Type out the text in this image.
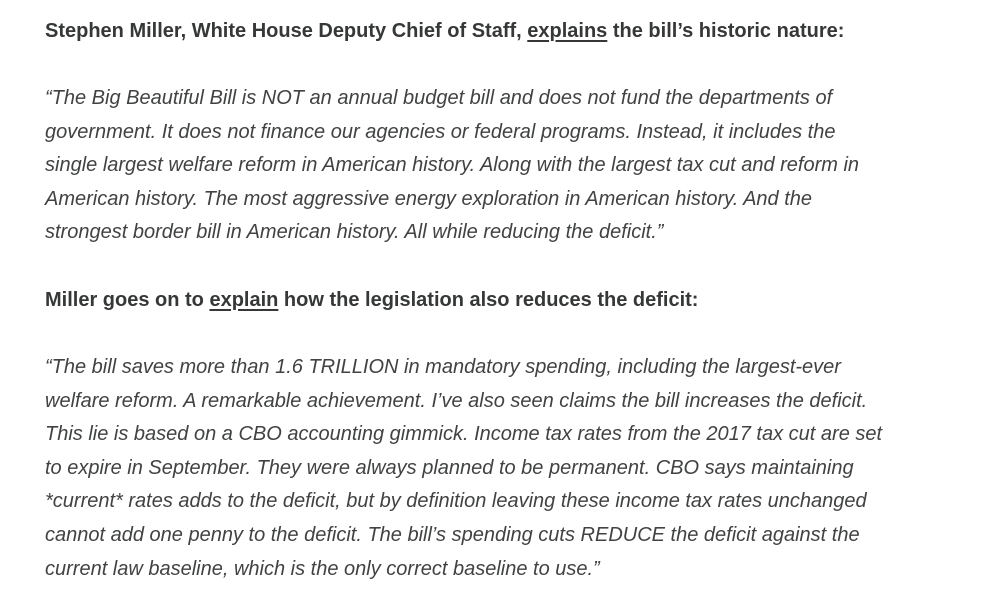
Stephen Miller, White House Deputy Chief of Staff, explains the bill’s historic nature:

“The Big Beautiful Bill is NOT an annual budget bill and does not fund the departments of
government. It does not finance our agencies or federal programs. Instead, it includes the
single largest welfare reform in American history. Along with the largest tax cut and reform in
American history. The most aggressive energy exploration in American history. And the
strongest border bill in American history. All while reducing the deficit.”

Miller goes on to explain how the legislation also reduces the deficit:

“The bill saves more than 1.6 TRILLION in mandatory spending, including the largest-ever
welfare reform. A remarkable achievement. I’ve also seen claims the bill increases the deficit.
This lie is based on a CBO accounting gimmick. Income tax rates from the 2017 tax cut are set
to expire in September. They were always planned to be permanent. CBO says maintaining
*current* rates adds to the deficit, but by definition leaving these income tax rates unchanged
cannot add one penny to the deficit. The bill’s spending cuts REDUCE the deficit against the
current law baseline, which is the only correct baseline to use.”
